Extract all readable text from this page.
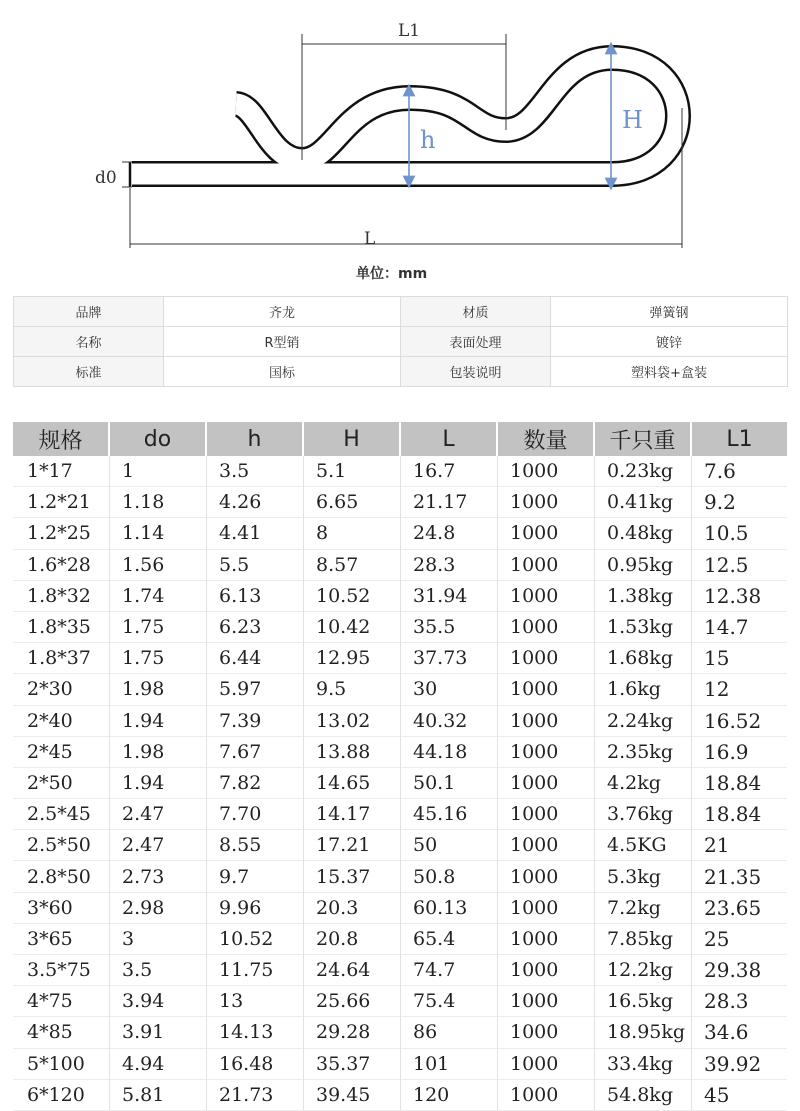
L1
h
H
d0
L
单位：mm
品牌	齐龙	材质	弹簧钢
名称	R型销	表面处理	镀锌
标准	国标	包装说明	塑料袋+盒装
规格	do	h	H	L	数量	千只重	L1
1*17	1	3.5	5.1	16.7	1000	0.23kg	7.6
1.2*21	1.18	4.26	6.65	21.17	1000	0.41kg	9.2
1.2*25	1.14	4.41	8	24.8	1000	0.48kg	10.5
1.6*28	1.56	5.5	8.57	28.3	1000	0.95kg	12.5
1.8*32	1.74	6.13	10.52	31.94	1000	1.38kg	12.38
1.8*35	1.75	6.23	10.42	35.5	1000	1.53kg	14.7
1.8*37	1.75	6.44	12.95	37.73	1000	1.68kg	15
2*30	1.98	5.97	9.5	30	1000	1.6kg	12
2*40	1.94	7.39	13.02	40.32	1000	2.24kg	16.52
2*45	1.98	7.67	13.88	44.18	1000	2.35kg	16.9
2*50	1.94	7.82	14.65	50.1	1000	4.2kg	18.84
2.5*45	2.47	7.70	14.17	45.16	1000	3.76kg	18.84
2.5*50	2.47	8.55	17.21	50	1000	4.5KG	21
2.8*50	2.73	9.7	15.37	50.8	1000	5.3kg	21.35
3*60	2.98	9.96	20.3	60.13	1000	7.2kg	23.65
3*65	3	10.52	20.8	65.4	1000	7.85kg	25
3.5*75	3.5	11.75	24.64	74.7	1000	12.2kg	29.38
4*75	3.94	13	25.66	75.4	1000	16.5kg	28.3
4*85	3.91	14.13	29.28	86	1000	18.95kg	34.6
5*100	4.94	16.48	35.37	101	1000	33.4kg	39.92
6*120	5.81	21.73	39.45	120	1000	54.8kg	45
